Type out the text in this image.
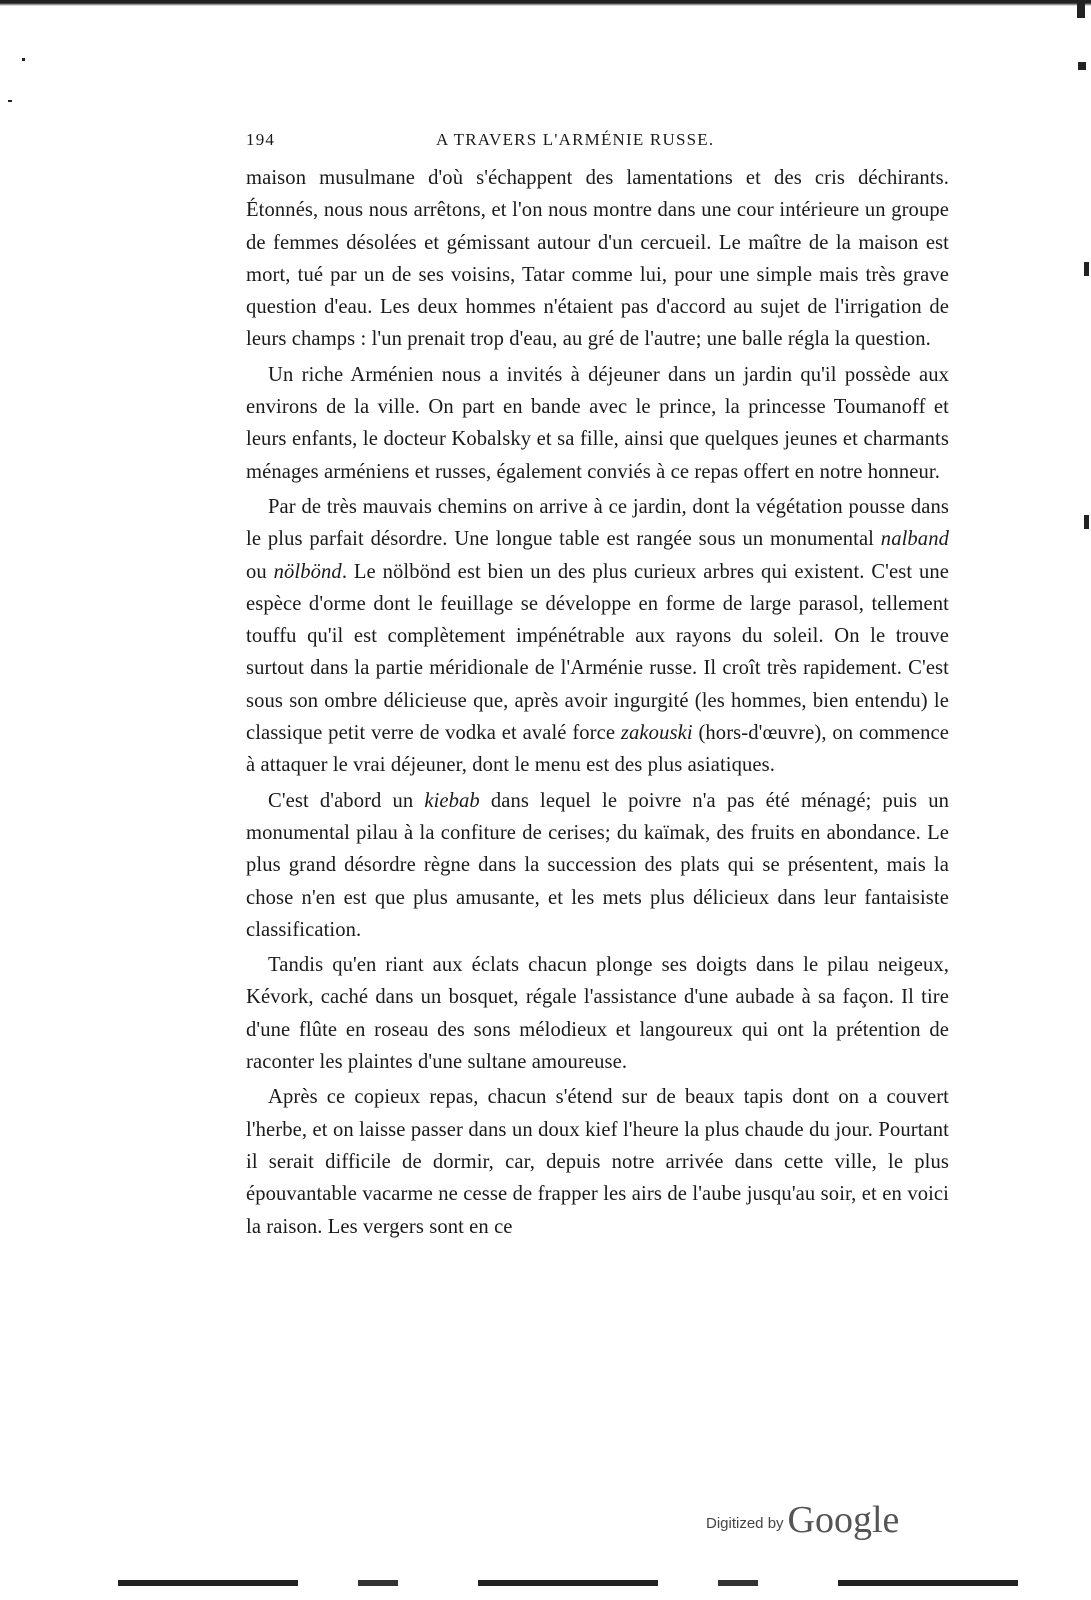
194	A TRAVERS L'ARMÉNIE RUSSE.

maison musulmane d'où s'échappent des lamentations et des cris déchirants. Étonnés, nous nous arrêtons, et l'on nous montre dans une cour intérieure un groupe de femmes désolées et gémissant autour d'un cercueil. Le maître de la maison est mort, tué par un de ses voisins, Tatar comme lui, pour une simple mais très grave question d'eau. Les deux hommes n'étaient pas d'accord au sujet de l'irrigation de leurs champs : l'un prenait trop d'eau, au gré de l'autre; une balle régla la question.

Un riche Arménien nous a invités à déjeuner dans un jardin qu'il possède aux environs de la ville. On part en bande avec le prince, la princesse Toumanoff et leurs enfants, le docteur Kobalsky et sa fille, ainsi que quelques jeunes et charmants ménages arméniens et russes, également conviés à ce repas offert en notre honneur.

Par de très mauvais chemins on arrive à ce jardin, dont la végétation pousse dans le plus parfait désordre. Une longue table est rangée sous un monumental nalband ou nölbönd. Le nölbönd est bien un des plus curieux arbres qui existent. C'est une espèce d'orme dont le feuillage se développe en forme de large parasol, tellement touffu qu'il est complètement impénétrable aux rayons du soleil. On le trouve surtout dans la partie méridionale de l'Arménie russe. Il croît très rapidement. C'est sous son ombre délicieuse que, après avoir ingurgité (les hommes, bien entendu) le classique petit verre de vodka et avalé force zakouski (hors-d'œuvre), on commence à attaquer le vrai déjeuner, dont le menu est des plus asiatiques.

C'est d'abord un kiebab dans lequel le poivre n'a pas été ménagé; puis un monumental pilau à la confiture de cerises; du kaïmak, des fruits en abondance. Le plus grand désordre règne dans la succession des plats qui se présentent, mais la chose n'en est que plus amusante, et les mets plus délicieux dans leur fantaisiste classification.

Tandis qu'en riant aux éclats chacun plonge ses doigts dans le pilau neigeux, Kévork, caché dans un bosquet, régale l'assistance d'une aubade à sa façon. Il tire d'une flûte en roseau des sons mélodieux et langoureux qui ont la prétention de raconter les plaintes d'une sultane amoureuse.

Après ce copieux repas, chacun s'étend sur de beaux tapis dont on a couvert l'herbe, et on laisse passer dans un doux kief l'heure la plus chaude du jour. Pourtant il serait difficile de dormir, car, depuis notre arrivée dans cette ville, le plus épouvantable vacarme ne cesse de frapper les airs de l'aube jusqu'au soir, et en voici la raison. Les vergers sont en ce

Digitized by Google
